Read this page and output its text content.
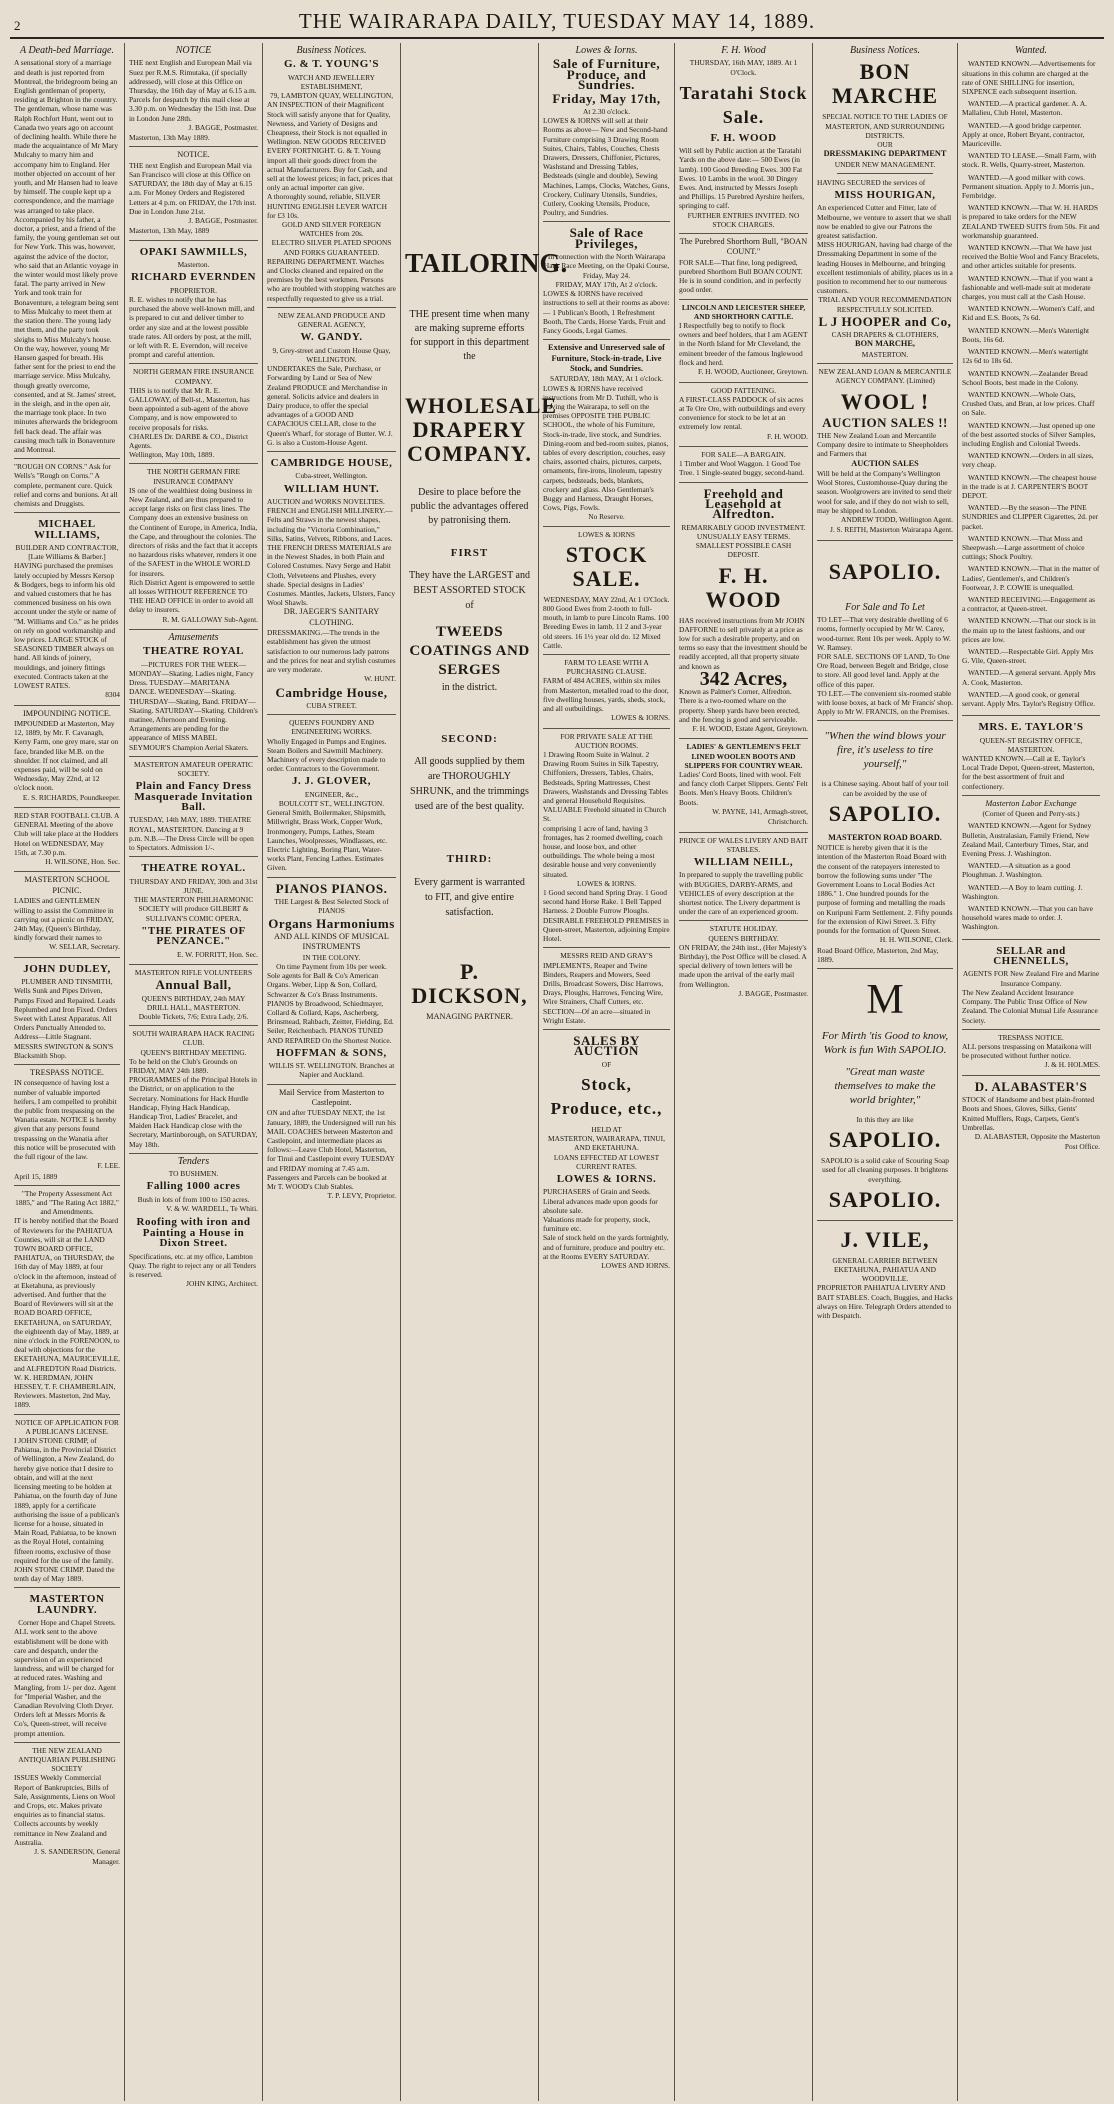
2	THE WAIRARAPA DAILY, TUESDAY MAY 14, 1889.
A Death-bed Marriage.
A sensational story of a marriage and death is just reported from Montreal, the bridegroom being an English gentleman of property, residing at Brighton in the country. The gentleman, whose name was Ralph Rochfort Hunt, went out to Canada two years ago on account of declining health. While there he made the acquaintance of Mr Mary Mulcahy to marry him and accompany him to England. Her mother objected on account of her youth, and Mr Hansen had to leave by himself. The couple kept up a correspondence, and the marriage was arranged to take place. Accompanied by his father, a doctor, a priest, and a friend of the family, the young gentleman set out for New York. This was, however, against the advice of the doctor, who said that an Atlantic voyage in the winter would most likely prove fatal. The party arrived in New York and took train for Bonaventure, a telegram being sent to Miss Mulcahy to meet them at the station there. The young lady met them, and the party took sleighs to Miss Mulcahy's house. On the way, however, young Mr Hansen gasped for breath. His father sent for the priest to end the marriage service. Miss Mulcahy, though greatly overcome, consented, and at St. James' street, in the sleigh, and in the open air, the marriage took place. In two minutes afterwards the bridegroom fell back dead. The affair was causing much talk in Bonaventure and Montreal.
"ROUGH ON CORNS." Ask for Wells's "Rough on Corns." A complete, permanent cure. Quick relief and corns and bunions. At all chemists and Druggists.
MICHAEL WILLIAMS,
BUILDER AND CONTRACTOR,
[Late Williams & Barber.]
HAVING purchased the premises lately occupied by Messrs Kersop & Bodgers, begs to inform his old and valued customers that he has commenced business on his own account under the style or name of "M. Williams and Co." as he prides on rely on good workmanship and low prices. LARGE STOCK of SEASONED TIMBER always on hand. All kinds of joinery, mouldings, and joinery fittings executed. Contracts taken at the LOWEST RATES.
8304
IMPOUNDING NOTICE.
IMPOUNDED at Masterton, May 12, 1889, by Mr. F. Cavanagh, Kerry Farm, one grey mare, star on face, branded like M.B. on the shoulder. If not claimed, and all expenses paid, will be sold on Wednesday, May 22nd, at 12 o'clock noon.
E. S. RICHARDS, Poundkeeper.
RED STAR FOOTBALL CLUB. A GENERAL Meeting of the above Club will take place at the Hodders Hotel on WEDNESDAY, May 15th, at 7.30 p.m.
H. WILSONE, Hon. Sec.
MASTERTON SCHOOL PICNIC.
LADIES and GENTLEMEN willing to assist the Committee in carrying out a picnic on FRIDAY, 24th May, (Queen's Birthday, kindly forward their names to
W. SELLAR, Secretary.
JOHN DUDLEY,
PLUMBER AND TINSMITH,
Wells Sunk and Pipes Driven, Pumps Fixed and Repaired. Leads Replumbed and Iron Fixed. Orders Sweet with Latest Apparatus. All Orders Punctually Attended to. Address—Little Stagnant. MESSRS SWINGTON & SON'S Blacksmith Shop.
TRESPASS NOTICE.
IN consequence of having lost a number of valuable imported heifers, I am compelled to prohibit the public from trespassing on the Wanatia estate. NOTICE is hereby given that any persons found trespassing on the Wanatia after this notice will be prosecuted with the full rigour of the law.
F. LEE.
April 15, 1889
"The Property Assessment Act 1885," and "The Rating Act 1882," and Amendments.
IT is hereby notified that the Board of Reviewers for the PAHIATUA Counties, will sit at the LAND TOWN BOARD OFFICE, PAHIATUA, on THURSDAY, the 16th day of May 1889, at four o'clock in the afternoon, instead of at Eketahuna, as previously advertised. And further that the Board of Reviewers will sit at the ROAD BOARD OFFICE, EKETAHUNA, on SATURDAY, the eighteenth day of May, 1889, at nine o'clock in the FORENOON, to deal with objections for the EKETAHUNA, MAURICEVILLE, and ALFREDTON Road Districts.
W. K. HERDMAN, JOHN HESSEY, T. F. CHAMBERLAIN, Reviewers. Masterton, 2nd May, 1889.
NOTICE OF APPLICATION FOR A PUBLICAN'S LICENSE.
I JOHN STONE CRIMP, of Pahiatua, in the Provincial District of Wellington, a New Zealand, do hereby give notice that I desire to obtain, and will at the next licensing meeting to be holden at Pahiatua, on the fourth day of June 1889, apply for a certificate authorising the issue of a publican's license for a house, situated in Main Road, Pahiatua, to be known as the Royal Hotel, containing fifteen rooms, exclusive of those required for the use of the family.
JOHN STONE CRIMP. Dated the tenth day of May 1889.
MASTERTON LAUNDRY.
Corner Hope and Chapel Streets.
ALL work sent to the above establishment will be done with care and despatch, under the supervision of an experienced laundress, and will be charged for at reduced rates. Washing and Mangling, from 1/- per doz. Agent for "Imperial Washer, and the Canadian Revolving Cloth Dryer. Orders left at Messrs Morris & Co's, Queen-street, will receive prompt attention.
THE NEW ZEALAND ANTIQUARIAN PUBLISHING SOCIETY
ISSUES Weekly Commercial Report of Bankruptcies, Bills of Sale, Assignments, Liens on Wool and Crops, etc. Makes private enquiries as to financial status. Collects accounts by weekly remittance in New Zealand and Australia.
J. S. SANDERSON, General Manager.
NOTICE
THE next English and European Mail via Suez per R.M.S. Rimutaka, (if specially addressed), will close at this Office on Thursday, the 16th day of May at 6.15 a.m. Parcels for despatch by this mail close at 3.30 p.m. on Wednesday the 15th inst. Due in London June 28th.
J. BAGGE, Postmaster.
Masterton, 13th May 1889.
NOTICE.
THE next English and European Mail via San Francisco will close at this Office on SATURDAY, the 18th day of May at 6.15 a.m. For Money Orders and Registered Letters at 4 p.m. on FRIDAY, the 17th inst. Due in London June 21st.
J. BAGGE, Postmaster.
Masterton, 13th May, 1889
OPAKI SAWMILLS,
Masterton.
RICHARD EVERNDEN
PROPRIETOR.
R. E. wishes to notify that he has purchased the above well-known mill, and is prepared to cut and deliver timber to order any size and at the lowest possible trade rates. All orders by post, at the mill, or left with R. E. Everndon, will receive prompt and careful attention.
NORTH GERMAN FIRE INSURANCE COMPANY.
THIS is to notify that Mr R. E. GALLOWAY, of Bell-st., Masterton, has been appointed a sub-agent of the above Company, and is now empowered to receive proposals for risks.
CHARLES Dr. DARBE & CO., District Agents.
Wellington, May 10th, 1889.
THE NORTH GERMAN FIRE INSURANCE COMPANY
IS one of the wealthiest doing business in New Zealand, and are thus prepared to accept large risks on first class lines. The Company does an extensive business on the Continent of Europe, in America, India, the Cape, and throughout the colonies. The directors of risks and the fact that it accepts no hazardous risks whatever, renders it one of the SAFEST in the WHOLE WORLD for insurers.
Rich District Agent is empowered to settle all losses WITHOUT REFERENCE TO THE HEAD OFFICE in order to avoid all delay to insurers.
R. M. GALLOWAY Sub-Agent.
Amusements
THEATRE ROYAL
—PICTURES FOR THE WEEK—
MONDAY—Skating. Ladies night, Fancy Dress. TUESDAY—MARITANA DANCE. WEDNESDAY—Skating. THURSDAY—Skating, Band. FRIDAY—Skating. SATURDAY—Skating. Children's matinee, Afternoon and Evening. Arrangements are pending for the appearance of MISS MABEL SEYMOUR'S Champion Aerial Skaters.
MASTERTON AMATEUR OPERATIC SOCIETY.
Plain and Fancy Dress Masquerade Invitation Ball.
TUESDAY, 14th MAY, 1889. THEATRE ROYAL, MASTERTON. Dancing at 9 p.m. N.B.—The Dress Circle will be open to Spectators. Admission 1/-.
THEATRE ROYAL.
THURSDAY AND FRIDAY, 30th and 31st JUNE.
THE MASTERTON PHILHARMONIC SOCIETY will produce GILBERT & SULLIVAN'S COMIC OPERA,
"THE PIRATES OF PENZANCE."
E. W. FORRITT, Hon. Sec.
MASTERTON RIFLE VOLUNTEERS
Annual Ball,
QUEEN'S BIRTHDAY, 24th MAY
DRILL HALL, MASTERTON.
Double Tickets, 7/6; Extra Lady, 2/6.
SOUTH WAIRARAPA HACK RACING CLUB.
QUEEN'S BIRTHDAY MEETING.
To be held on the Club's Grounds on FRIDAY, MAY 24th 1889. PROGRAMMES of the Principal Hotels in the District, or on application to the Secretary. Nominations for Hack Hurdle Handicap, Flying Hack Handicap, Handicap Trot, Ladies' Bracelet, and Maiden Hack Handicap close with the Secretary, Martinborough, on SATURDAY, May 18th.
Tenders
TO BUSHMEN.
Falling 1000 acres
Bush in lots of from 100 to 150 acres.
V. & W. WARDELL, Te Whiti.
Roofing with iron and Painting a House in Dixon Street.
Specifications, etc. at my office, Lambton Quay. The right to reject any or all Tenders is reserved.
JOHN KING, Architect.
Business Notices.
G. & T. YOUNG'S
WATCH AND JEWELLERY ESTABLISHMENT,
79, LAMBTON QUAY, WELLINGTON,
AN INSPECTION of their Magnificent Stock will satisfy anyone that for Quality, Newness, and Variety of Designs and Cheapness, their Stock is not equalled in Wellington. NEW GOODS RECEIVED EVERY FORTNIGHT. G. & T. Young import all their goods direct from the actual Manufacturers. Buy for Cash, and sell at the lowest prices; in fact, prices that only an actual importer can give.
A thoroughly sound, reliable, SILVER HUNTING ENGLISH LEVER WATCH for £3 10s.
GOLD AND SILVER FOREIGN WATCHES from 20s.
ELECTRO SILVER PLATED SPOONS AND FORKS GUARANTEED.
REPAIRING DEPARTMENT. Watches and Clocks cleaned and repaired on the premises by the best workmen. Persons who are troubled with stopping watches are respectfully requested to give us a trial.
NEW ZEALAND PRODUCE AND GENERAL AGENCY,
W. GANDY.
9, Grey-street and Custom House Quay, WELLINGTON.
UNDERTAKES the Sale, Purchase, or Forwarding by Land or Sea of New Zealand PRODUCE and Merchandise in general. Solicits advice and dealers in Dairy produce, to offer the special advantages of a GOOD AND CAPACIOUS CELLAR, close to the Queen's Wharf, for storage of Butter. W. J. G. is also a Custom-House Agent.
CAMBRIDGE HOUSE,
Cuba-street, Wellington.
WILLIAM HUNT.
AUCTION and WORKS NOVELTIES. FRENCH and ENGLISH MILLINERY.—Felts and Straws in the newest shapes, including the "Victoria Combination," Silks, Satins, Velvets, Ribbons, and Laces. THE FRENCH DRESS MATERIALS are in the Newest Shades, in both Plain and Colored Costumes. Navy Serge and Habit Cloth, Velveteens and Plushes, every shade. Special designs in Ladies' Costumes. Mantles, Jackets, Ulsters, Fancy Wool Shawls.
DR. JAEGER'S SANITARY CLOTHING.
DRESSMAKING.—The trends in the establishment has given the utmost satisfaction to our numerous lady patrons and the prices for neat and stylish costumes are very moderate.
W. HUNT.
Cambridge House,
CUBA STREET.
QUEEN'S FOUNDRY AND ENGINEERING WORKS.
Wholly Engaged in Pumps and Engines. Steam Boilers and Sawmill Machinery. Machinery of every description made to order. Contractors to the Government.
J. J. GLOVER,
ENGINEER, &c.,
BOULCOTT ST., WELLINGTON.
General Smith, Boilermaker, Shipsmith, Millwright, Brass Work, Copper Work, Ironmongery, Pumps, Lathes, Steam Launches, Woolpresses, Windlasses, etc. Electric Lighting, Boring Plant, Water-works Plant, Fencing Lathes. Estimates Given.
PIANOS PIANOS.
THE Largest & Best Selected Stock of PIANOS
Organs Harmoniums
AND ALL KINDS OF MUSICAL INSTRUMENTS
IN THE COLONY.
On time Payment from 10s per week.
Sole agents for Ball & Co's American Organs. Weber, Lipp & Son, Collard, Schwarzer & Co's Brass Instruments.
PIANOS by Broadwood, Schiedmayer, Collard & Collard, Kaps, Ascherberg, Brinsmead, Rahbach, Zeitter, Fielding, Ed. Seiler, Reichenbach. PIANOS TUNED AND REPAIRED On the Shortest Notice.
HOFFMAN & SONS,
WILLIS ST. WELLINGTON. Branches at Napier and Auckland.
Mail Service from Masterton to Castlepoint.
ON and after TUESDAY NEXT, the 1st January, 1889, the Undersigned will run his MAIL COACHES between Masterton and Castlepoint, and intermediate places as follows:—Leave Club Hotel, Masterton, for Tinui and Castlepoint every TUESDAY and FRIDAY morning at 7.45 a.m. Passengers and Parcels can be booked at Mr T. WOOD's Club Stables.
T. P. LEVY, Proprietor.
TAILORING.
THE present time when many are making supreme efforts for support in this department the
WHOLESALE DRAPERY COMPANY.
Desire to place before the public the advantages offered by patronising them.
FIRST
They have the LARGEST and BEST ASSORTED STOCK of
TWEEDS COATINGS AND SERGES
in the district.
SECOND:
All goods supplied by them are THOROUGHLY SHRUNK, and the trimmings used are of the best quality.
THIRD:
Every garment is warranted to FIT, and give entire satisfaction.
P. DICKSON,
MANAGING PARTNER.
Lowes & Iorns.
Sale of Furniture, Produce, and Sundries.
Friday, May 17th,
At 2.30 o'clock.
LOWES & IORNS will sell at their Rooms as above— New and Second-hand Furniture comprising 3 Drawing Room Suites, Chairs, Tables, Couches, Chests Drawers, Dressers, Chiffonier, Pictures, Washstand and Dressing Tables, Bedsteads (single and double), Sewing Machines, Lamps, Clocks, Watches, Guns, Crockery, Culinary Utensils, Sundries, Cutlery, Cooking Utensils, Produce, Poultry, and Sundries.
Sale of Race Privileges,
In connection with the North Wairarapa Hack Race Meeting, on the Opaki Course, Friday, May 24.
FRIDAY, MAY 17th, At 2 o'clock.
LOWES & IORNS have received instructions to sell at their rooms as above:— 1 Publican's Booth, 1 Refreshment Booth, The Cards, Horse Yards, Fruit and Fancy Goods, Legal Games.
Extensive and Unreserved sale of Furniture, Stock-in-trade, Live Stock, and Sundries.
SATURDAY, 18th MAY, At 1 o'clock.
LOWES & IORNS have received instructions from Mr D. Tuthill, who is leaving the Wairarapa, to sell on the premises OPPOSITE THE PUBLIC SCHOOL, the whole of his Furniture, Stock-in-trade, live stock, and Sundries. Dining-room and bed-room suites, pianos, tables of every description, couches, easy chairs, assorted chairs, pictures, carpets, ornaments, fire-irons, linoleum, tapestry carpets, bedsteads, beds, blankets, crockery and glass. Also Gentleman's Buggy and Harness, Draught Horses, Cows, Pigs, Fowls.
No Reserve.
LOWES & IORNS
STOCK SALE.
WEDNESDAY, MAY 22nd, At 1 O'Clock.
800 Good Ewes from 2-tooth to full-mouth, in lamb to pure Lincoln Rams. 100 Breeding Ewes in lamb. 11 2 and 3-year old steers. 16 1½ year old do. 12 Mixed Cattle.
FARM TO LEASE WITH A PURCHASING CLAUSE.
FARM of 484 ACRES, within six miles from Masterton, metalled road to the door, five dwelling houses, yards, sheds, stock, and all outbuildings.
LOWES & IORNS.
FOR PRIVATE SALE AT THE AUCTION ROOMS.
1 Drawing Room Suite in Walnut. 2 Drawing Room Suites in Silk Tapestry, Chiffoniers, Dressers, Tables, Chairs, Bedsteads, Spring Mattresses, Chest Drawers, Washstands and Dressing Tables and general Household Requisites.
VALUABLE Freehold situated in Church St.
comprising 1 acre of land, having 3 frontages, has 2 roomed dwelling, coach house, and loose box, and other outbuildings. The whole being a most desirable house and very conveniently situated.
LOWES & IORNS.
1 Good second hand Spring Dray. 1 Good second hand Horse Rake. 1 Bell Tapped Harness. 2 Double Furrow Ploughs.
DESIRABLE FREEHOLD PREMISES in Queen-street, Masterton, adjoining Empire Hotel.
MESSRS REID AND GRAY'S
IMPLEMENTS, Reaper and Twine Binders, Reapers and Mowers, Seed Drills, Broadcast Sowers, Disc Harrows, Drays, Ploughs, Harrows, Fencing Wire, Wire Strainers, Chaff Cutters, etc.
SECTION—Of an acre—situated in Wright Estate.
SALES BY AUCTION
OF
Stock, Produce, etc.,
HELD AT
MASTERTON, WAIRARAPA, TINUI, AND EKETAHUNA.
LOANS EFFECTED AT LOWEST CURRENT RATES.
LOWES & IORNS.
PURCHASERS of Grain and Seeds. Liberal advances made upon goods for absolute sale.
Valuations made for property, stock, furniture etc.
Sale of stock held on the yards fortnightly, and of furniture, produce and poultry etc. at the Rooms EVERY SATURDAY.
LOWES AND IORNS.
F. H. Wood
THURSDAY, 16th MAY, 1889. At 1 O'Clock.
Taratahi Stock Sale.
F. H. WOOD
Will sell by Public auction at the Taratahi Yards on the above date:— 500 Ewes (in lamb). 100 Good Breeding Ewes. 300 Fat Ewes. 10 Lambs in the wool. 30 Dingey Ewes. And, instructed by Messrs Joseph and Phillips. 15 Purebred Ayrshire heifers, springing to calf.
FURTHER ENTRIES INVITED. NO STOCK CHARGES.
The Purebred Shorthorn Bull, "BOAN COUNT."
FOR SALE—That fine, long pedigreed, purebred Shorthorn Bull BOAN COUNT. He is in sound condition, and in perfectly good order.
LINCOLN AND LEICESTER SHEEP, AND SHORTHORN CATTLE.
I Respectfully beg to notify to flock owners and beef holders, that I am AGENT in the North Island for Mr Cleveland, the eminent breeder of the famous Inglewood flock and herd.
F. H. WOOD, Auctioneer, Greytown.
GOOD FATTENING.
A FIRST-CLASS PADDOCK of six acres at Te Ore Ore, with outbuildings and every convenience for stock to be let at an extremely low rental.
F. H. WOOD.
FOR SALE—A BARGAIN.
1 Timber and Wool Waggon. 1 Good Toe Tree. 1 Single-seated buggy, second-hand.
Freehold and Leasehold at Alfredton.
REMARKABLY GOOD INVESTMENT.
UNUSUALLY EASY TERMS.
SMALLEST POSSIBLE CASH DEPOSIT.
F. H. WOOD
HAS received instructions from Mr JOHN DAFFORNE to sell privately at a price as low for such a desirable property, and on terms so easy that the investment should be readily accepted, all that property situate and known as
342 Acres,
Known as Palmer's Corner, Alfredton. There is a two-roomed whare on the property. Sheep yards have been erected, and the fencing is good and serviceable.
F. H. WOOD, Estate Agent, Greytown.
LADIES' & GENTLEMEN'S FELT LINED WOOLEN BOOTS AND SLIPPERS FOR COUNTRY WEAR.
Ladies' Cord Boots, lined with wool. Felt and fancy cloth Carpet Slippers. Gents' Felt Boots. Men's Heavy Boots. Children's Boots.
W. PAYNE, 141, Armagh-street, Christchurch.
PRINCE OF WALES LIVERY AND BAIT STABLES.
WILLIAM NEILL,
In prepared to supply the travelling public with BUGGIES, DARBY-ARMS, and VEHICLES of every description at the shortest notice. The Livery department is under the care of an experienced groom.
STATUTE HOLIDAY.
QUEEN'S BIRTHDAY.
ON FRIDAY, the 24th inst., (Her Majesty's Birthday), the Post Office will be closed. A special delivery of town letters will be made upon the arrival of the early mail from Wellington.
J. BAGGE, Postmaster.
Business Notices.
BON MARCHE
SPECIAL NOTICE TO THE LADIES OF MASTERTON, AND SURROUNDING DISTRICTS.
OUR
DRESSMAKING DEPARTMENT
UNDER NEW MANAGEMENT.
HAVING SECURED the services of
MISS HOURIGAN,
An experienced Cutter and Fitter, late of Melbourne, we venture to assert that we shall now be enabled to give our Patrons the greatest satisfaction.
MISS HOURIGAN, having had charge of the Dressmaking Department in some of the leading Houses in Melbourne, and bringing excellent testimonials of ability, places us in a position to recommend her to our numerous customers.
TRIAL AND YOUR RECOMMENDATION RESPECTFULLY SOLICITED.
L J HOOPER and Co,
CASH DRAPERS & CLOTHIERS,
BON MARCHE,
MASTERTON.
NEW ZEALAND LOAN & MERCANTILE AGENCY COMPANY. (Limited)
WOOL !
AUCTION SALES !!
THE New Zealand Loan and Mercantile Company desire to intimate to Sheepholders and Farmers that
AUCTION SALES
Will be held at the Company's Wellington Wool Stores, Customhouse-Quay during the season. Woolgrowers are invited to send their wool for sale, and if they do not wish to sell, may be shipped to London.
ANDREW TODD, Wellington Agent.
J. S. REITH, Masterton Wairarapa Agent.
SAPOLIO.
For Sale and To Let
TO LET—That very desirable dwelling of 6 rooms, formerly occupied by Mr W. Carey, wood-turner. Rent 10s per week. Apply to W. W. Ramsey.
FOR SALE. SECTIONS OF LAND, To One Ore Road, between Begelt and Bridge, close to store. All good level land. Apply at the office of this paper.
TO LET.—The convenient six-roomed stable with loose boxes, at back of Mr Francis' shop.
Apply to Mr W. FRANCIS, on the Premises.
"When the wind blows your fire, it's useless to tire yourself,"
is a Chinese saying. About half of your toil can be avoided by the use of
SAPOLIO.
MASTERTON ROAD BOARD.
NOTICE is hereby given that it is the intention of the Masterton Road Board with the consent of the ratepayers interested to borrow the following sums under "The Government Loans to Local Bodies Act 1886." 1. One hundred pounds for the purpose of forming and metalling the roads on Kuripuni Farm Settlement. 2. Fifty pounds for the extension of Kiwi Street. 3. Fifty pounds for the formation of Queen Street.
H. H. WILSONE, Clerk.
Road Board Office, Masterton, 2nd May, 1889.
M
For Mirth 'tis Good to know, Work is fun With SAPOLIO.
"Great man waste themselves to make the world brighter,"
In this they are like
SAPOLIO.
SAPOLIO is a solid cake of Scouring Soap used for all cleaning purposes. It brightens everything.
SAPOLIO.
J. VILE,
GENERAL CARRIER BETWEEN EKETAHUNA, PAHIATUA AND WOODVILLE.
PROPRIETOR PAHIATUA LIVERY AND BAIT STABLES. Coach, Buggies, and Hacks always on Hire. Telegraph Orders attended to with Despatch.
Wanted.
WANTED KNOWN.—Advertisements for situations in this column are charged at the rate of ONE SHILLING for insertion, SIXPENCE each subsequent insertion.
WANTED.—A practical gardener. A. A. Mallalieu, Club Hotel, Masterton.
WANTED.—A good bridge carpenter. Apply at once, Robert Bryant, contractor, Mauriceville.
WANTED TO LEASE.—Small Farm, with stock. R. Wells, Quarry-street, Masterton.
WANTED.—A good milker with cows. Permanent situation. Apply to J. Morris jun., Fernbridge.
WANTED KNOWN.—That W. H. HARDS is prepared to take orders for the NEW ZEALAND TWEED SUITS from 50s. Fit and workmanship guaranteed.
WANTED KNOWN.—That We have just received the Boltie Wool and Fancy Bracelets, and other articles suitable for presents.
WANTED KNOWN.—That if you want a fashionable and well-made suit at moderate charges, you must call at the Cash House.
WANTED KNOWN.—Women's Calf, and Kid and E.S. Boots, 7s 6d.
WANTED KNOWN.—Men's Watertight Boots, 16s 6d.
WANTED KNOWN.—Men's watertight 12s 6d to 18s 6d.
WANTED KNOWN.—Zealander Bread School Boots, best made in the Colony.
WANTED KNOWN.—Whole Oats, Crushed Oats, and Bran, at low prices. Chaff on Sale.
WANTED KNOWN.—Just opened up one of the best assorted stocks of Silver Samples, including English and Colonial Tweeds.
WANTED KNOWN.—Orders in all sizes, very cheap.
WANTED KNOWN.—The cheapest house in the trade is at J. CARPENTER'S BOOT DEPOT.
WANTED.—By the season—The PINE SUNDRIES and CLIPPER Cigarettes, 2d. per packet.
WANTED KNOWN.—That Moss and Sheepwash.—Large assortment of choice cuttings; Shock Poultry.
WANTED KNOWN.—That in the matter of Ladies', Gentlemen's, and Children's Footwear, J. P. COWIE is unequalled.
WANTED RECEIVING.—Engagement as a contractor, at Queen-street.
WANTED KNOWN.—That our stock is in the main up to the latest fashions, and our prices are low.
WANTED.—Respectable Girl. Apply Mrs G. Vile, Queen-street.
WANTED.—A general servant. Apply Mrs A. Cook, Masterton.
WANTED.—A good cook, or general servant. Apply Mrs. Taylor's Registry Office.
MRS. E. TAYLOR'S
QUEEN-ST REGISTRY OFFICE, MASTERTON.
WANTED KNOWN.—Call at E. Taylor's Local Trade Depot, Queen-street, Masterton, for the best assortment of fruit and confectionery.
Masterton Labor Exchange
(Corner of Queen and Perry-sts.)
WANTED KNOWN.—Agent for Sydney Bulletin, Australasian, Family Friend, New Zealand Mail, Canterbury Times, Star, and Evening Press. J. Washington.
WANTED.—A situation as a good Ploughman. J. Washington.
WANTED.—A Boy to learn cutting. J. Washington.
WANTED KNOWN.—That you can have household wares made to order. J. Washington.
SELLAR and CHENNELLS,
AGENTS FOR New Zealand Fire and Marine Insurance Company.
The New Zealand Accident Insurance Company. The Public Trust Office of New Zealand. The Colonial Mutual Life Assurance Society.
TRESPASS NOTICE.
ALL persons trespassing on Mataikona will be prosecuted without further notice.
J. & H. HOLMES.
D. ALABASTER'S
STOCK of Handsome and best plain-fronted Boots and Shoes, Gloves, Silks, Gents' Knitted Mufflers, Rugs, Carpets, Gent's Umbrellas.
D. ALABASTER, Opposite the Masterton Post Office.
